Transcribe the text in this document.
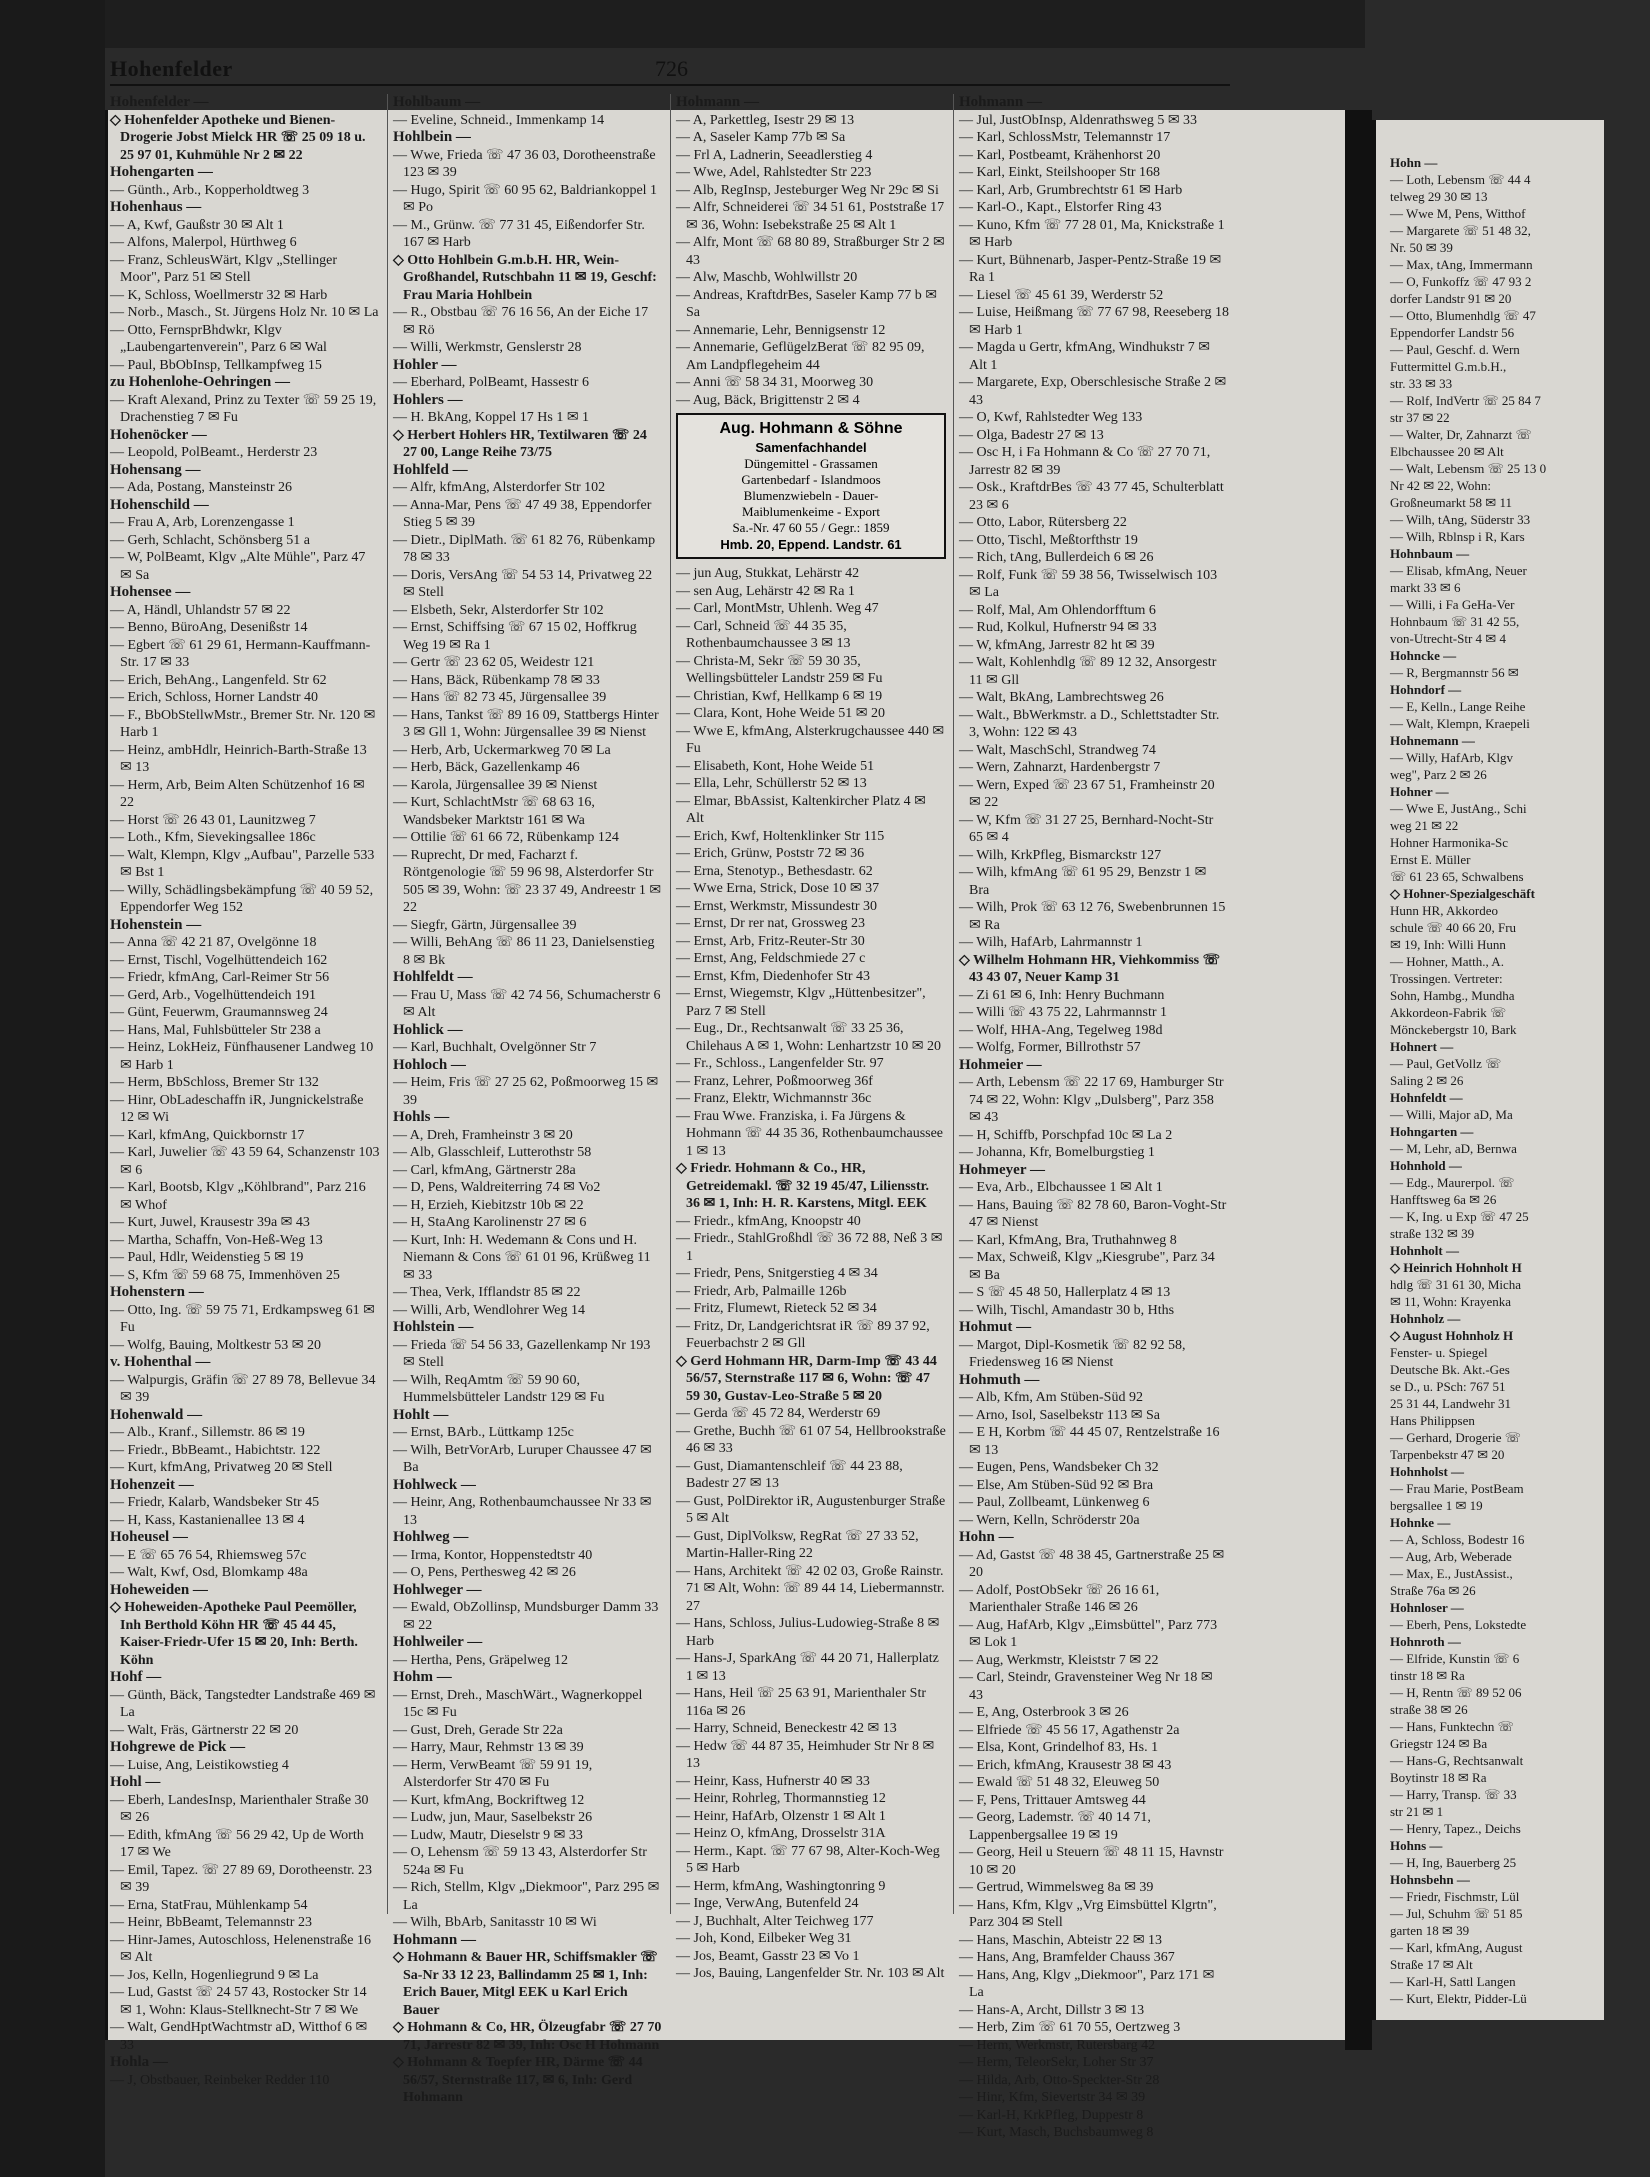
Hohenfelder	726
Hohenfelder —
◇ Hohenfelder Apotheke und Bienen-Drogerie Jobst Mielck HR ☏ 25 09 18 u. 25 97 01, Kuhmühle Nr 2 ✉ 22
Hohengarten —
— Günth., Arb., Kopperholdtweg 3
Hohenhaus —
— A, Kwf, Gaußstr 30 ✉ Alt 1
— Alfons, Malerpol, Hürthweg 6
— Franz, SchleusWärt, Klgv „Stellinger Moor", Parz 51 ✉ Stell
— K, Schloss, Woellmerstr 32 ✉ Harb
— Norb., Masch., St. Jürgens Holz Nr. 10 ✉ La
— Otto, FernsprBhdwkr, Klgv „Laubengartenverein", Parz 6 ✉ Wal
— Paul, BbObInsp, Tellkampfweg 15
zu Hohenlohe-Oehringen —
— Kraft Alexand, Prinz zu Texter ☏ 59 25 19, Drachenstieg 7 ✉ Fu
Hohenöcker —
— Leopold, PolBeamt., Herderstr 23
Hohensang —
— Ada, Postang, Mansteinstr 26
Hohenschild —
— Frau A, Arb, Lorenzengasse 1
— Gerh, Schlacht, Schönsberg 51 a
— W, PolBeamt, Klgv „Alte Mühle", Parz 47 ✉ Sa
Hohensee —
— A, Händl, Uhlandstr 57 ✉ 22
— Benno, BüroAng, Desenißstr 14
— Egbert ☏ 61 29 61, Hermann-Kauffmann-Str. 17 ✉ 33
— Erich, BehAng., Langenfeld. Str 62
— Erich, Schloss, Horner Landstr 40
— F., BbObStellwMstr., Bremer Str. Nr. 120 ✉ Harb 1
— Heinz, ambHdlr, Heinrich-Barth-Straße 13 ✉ 13
— Herm, Arb, Beim Alten Schützenhof 16 ✉ 22
— Horst ☏ 26 43 01, Launitzweg 7
— Loth., Kfm, Sievekingsallee 186c
— Walt, Klempn, Klgv „Aufbau", Parzelle 533 ✉ Bst 1
— Willy, Schädlingsbekämpfung ☏ 40 59 52, Eppendorfer Weg 152
Hohenstein —
— Anna ☏ 42 21 87, Ovelgönne 18
— Ernst, Tischl, Vogelhüttendeich 162
— Friedr, kfmAng, Carl-Reimer Str 56
— Gerd, Arb., Vogelhüttendeich 191
— Günt, Feuerwm, Graumannsweg 24
— Hans, Mal, Fuhlsbütteler Str 238 a
— Heinz, LokHeiz, Fünfhausener Landweg 10 ✉ Harb 1
— Herm, BbSchloss, Bremer Str 132
— Hinr, ObLadeschaffn iR, Jungnickelstraße 12 ✉ Wi
— Karl, kfmAng, Quickbornstr 17
— Karl, Juwelier ☏ 43 59 64, Schanzenstr 103 ✉ 6
— Karl, Bootsb, Klgv „Köhlbrand", Parz 216 ✉ Whof
— Kurt, Juwel, Krausestr 39a ✉ 43
— Martha, Schaffn, Von-Heß-Weg 13
— Paul, Hdlr, Weidenstieg 5 ✉ 19
— S, Kfm ☏ 59 68 75, Immenhöven 25
Hohenstern —
— Otto, Ing. ☏ 59 75 71, Erdkampsweg 61 ✉ Fu
— Wolfg, Bauing, Moltkestr 53 ✉ 20
v. Hohenthal —
— Walpurgis, Gräfin ☏ 27 89 78, Bellevue 34 ✉ 39
Hohenwald —
— Alb., Kranf., Sillemstr. 86 ✉ 19
— Friedr., BbBeamt., Habichtstr. 122
— Kurt, kfmAng, Privatweg 20 ✉ Stell
Hohenzeit —
— Friedr, Kalarb, Wandsbeker Str 45
— H, Kass, Kastanienallee 13 ✉ 4
Hoheusel —
— E ☏ 65 76 54, Rhiemsweg 57c
— Walt, Kwf, Osd, Blomkamp 48a
Hoheweiden —
◇ Hoheweiden-Apotheke Paul Peemöller, Inh Berthold Köhn HR ☏ 45 44 45, Kaiser-Friedr-Ufer 15 ✉ 20, Inh: Berth. Köhn
Hohf —
— Günth, Bäck, Tangstedter Landstraße 469 ✉ La
— Walt, Fräs, Gärtnerstr 22 ✉ 20
Hohgrewe de Pick —
— Luise, Ang, Leistikowstieg 4
Hohl —
— Eberh, LandesInsp, Marienthaler Straße 30 ✉ 26
— Edith, kfmAng ☏ 56 29 42, Up de Worth 17 ✉ We
— Emil, Tapez. ☏ 27 89 69, Dorotheenstr. 23 ✉ 39
— Erna, StatFrau, Mühlenkamp 54
— Heinr, BbBeamt, Telemannstr 23
— Hinr-James, Autoschloss, Helenenstraße 16 ✉ Alt
— Jos, Kelln, Hogenliegrund 9 ✉ La
— Lud, Gastst ☏ 24 57 43, Rostocker Str 14 ✉ 1, Wohn: Klaus-Stellknecht-Str 7 ✉ We
— Walt, GendHptWachtmstr aD, Witthof 6 ✉ 33
Hohla —
— J, Obstbauer, Reinbeker Redder 110
Hohlbaum —
— Eveline, Schneid., Immenkamp 14
Hohlbein —
— Wwe, Frieda ☏ 47 36 03, Dorotheenstraße 123 ✉ 39
— Hugo, Spirit ☏ 60 95 62, Baldriankoppel 1 ✉ Po
— M., Grünw. ☏ 77 31 45, Eißendorfer Str. 167 ✉ Harb
◇ Otto Hohlbein G.m.b.H. HR, Wein-Großhandel, Rutschbahn 11 ✉ 19, Geschf: Frau Maria Hohlbein
— R., Obstbau ☏ 76 16 56, An der Eiche 17 ✉ Rö
— Willi, Werkmstr, Genslerstr 28
Hohler —
— Eberhard, PolBeamt, Hassestr 6
Hohlers —
— H. BkAng, Koppel 17 Hs 1 ✉ 1
◇ Herbert Hohlers HR, Textilwaren ☏ 24 27 00, Lange Reihe 73/75
Hohlfeld —
— Alfr, kfmAng, Alsterdorfer Str 102
— Anna-Mar, Pens ☏ 47 49 38, Eppendorfer Stieg 5 ✉ 39
— Dietr., DiplMath. ☏ 61 82 76, Rübenkamp 78 ✉ 33
— Doris, VersAng ☏ 54 53 14, Privatweg 22 ✉ Stell
— Elsbeth, Sekr, Alsterdorfer Str 102
— Ernst, Schiffsing ☏ 67 15 02, Hoffkrug Weg 19 ✉ Ra 1
— Gertr ☏ 23 62 05, Weidestr 121
— Hans, Bäck, Rübenkamp 78 ✉ 33
— Hans ☏ 82 73 45, Jürgensallee 39
— Hans, Tankst ☏ 89 16 09, Stattbergs Hinter 3 ✉ Gll 1, Wohn: Jürgensallee 39 ✉ Nienst
— Herb, Arb, Uckermarkweg 70 ✉ La
— Herb, Bäck, Gazellenkamp 46
— Karola, Jürgensallee 39 ✉ Nienst
— Kurt, SchlachtMstr ☏ 68 63 16, Wandsbeker Marktstr 161 ✉ Wa
— Ottilie ☏ 61 66 72, Rübenkamp 124
— Ruprecht, Dr med, Facharzt f. Röntgenologie ☏ 59 96 98, Alsterdorfer Str 505 ✉ 39, Wohn: ☏ 23 37 49, Andreestr 1 ✉ 22
— Siegfr, Gärtn, Jürgensallee 39
— Willi, BehAng ☏ 86 11 23, Danielsenstieg 8 ✉ Bk
Hohlfeldt —
— Frau U, Mass ☏ 42 74 56, Schumacherstr 6 ✉ Alt
Hohlick —
— Karl, Buchhalt, Ovelgönner Str 7
Hohloch —
— Heim, Fris ☏ 27 25 62, Poßmoorweg 15 ✉ 39
Hohls —
— A, Dreh, Framheinstr 3 ✉ 20
— Alb, Glasschleif, Lutterothstr 58
— Carl, kfmAng, Gärtnerstr 28a
— D, Pens, Waldreiterring 74 ✉ Vo2
— H, Erzieh, Kiebitzstr 10b ✉ 22
— H, StaAng Karolinenstr 27 ✉ 6
— Kurt, Inh: H. Wedemann & Cons und H. Niemann & Cons ☏ 61 01 96, Krüßweg 11 ✉ 33
— Thea, Verk, Ifflandstr 85 ✉ 22
— Willi, Arb, Wendlohrer Weg 14
Hohlstein —
— Frieda ☏ 54 56 33, Gazellenkamp Nr 193 ✉ Stell
— Wilh, ReqAmtm ☏ 59 90 60, Hummelsbütteler Landstr 129 ✉ Fu
Hohlt —
— Ernst, BArb., Lüttkamp 125c
— Wilh, BetrVorArb, Luruper Chaussee 47 ✉ Ba
Hohlweck —
— Heinr, Ang, Rothenbaumchaussee Nr 33 ✉ 13
Hohlweg —
— Irma, Kontor, Hoppenstedtstr 40
— O, Pens, Perthesweg 42 ✉ 26
Hohlweger —
— Ewald, ObZollinsp, Mundsburger Damm 33 ✉ 22
Hohlweiler —
— Hertha, Pens, Gräpelweg 12
Hohm —
— Ernst, Dreh., MaschWärt., Wagnerkoppel 15c ✉ Fu
— Gust, Dreh, Gerade Str 22a
— Harry, Maur, Rehmstr 13 ✉ 39
— Herm, VerwBeamt ☏ 59 91 19, Alsterdorfer Str 470 ✉ Fu
— Kurt, kfmAng, Bockriftweg 12
— Ludw, jun, Maur, Saselbekstr 26
— Ludw, Mautr, Dieselstr 9 ✉ 33
— O, Lehensm ☏ 59 13 43, Alsterdorfer Str 524a ✉ Fu
— Rich, Stellm, Klgv „Diekmoor", Parz 295 ✉ La
— Wilh, BbArb, Sanitasstr 10 ✉ Wi
Hohmann —
◇ Hohmann & Bauer HR, Schiffsmakler ☏ Sa-Nr 33 12 23, Ballindamm 25 ✉ 1, Inh: Erich Bauer, Mitgl EEK u Karl Erich Bauer
◇ Hohmann & Co, HR, Ölzeugfabr ☏ 27 70 71, Jarrestr 82 ✉ 39, Inh: Osc H Hohmann
◇ Hohmann & Toepfer HR, Därme ☏ 44 56/57, Sternstraße 117, ✉ 6, Inh: Gerd Hohmann
Hohmann —
— A, Parkettleg, Isestr 29 ✉ 13
— A, Saseler Kamp 77b ✉ Sa
— Frl A, Ladnerin, Seeadlerstieg 4
— Wwe, Adel, Rahlstedter Str 223
— Alb, RegInsp, Jesteburger Weg Nr 29c ✉ Si
— Alfr, Schneiderei ☏ 34 51 61, Poststraße 17 ✉ 36, Wohn: Isebekstraße 25 ✉ Alt 1
— Alfr, Mont ☏ 68 80 89, Straßburger Str 2 ✉ 43
— Alw, Maschb, Wohlwillstr 20
— Andreas, KraftdrBes, Saseler Kamp 77 b ✉ Sa
— Annemarie, Lehr, Bennigsenstr 12
— Annemarie, GeflügelzBerat ☏ 82 95 09, Am Landpflegeheim 44
— Anni ☏ 58 34 31, Moorweg 30
— Aug, Bäck, Brigittenstr 2 ✉ 4
Aug. Hohmann & Söhne
Samenfachhandel
Düngemittel - Grassamen
Gartenbedarf - Islandmoos
Blumenzwiebeln - Dauer-
Maiblumenkeime - Export
Sa.-Nr. 47 60 55 / Gegr.: 1859
Hmb. 20, Eppend. Landstr. 61
— jun Aug, Stukkat, Lehärstr 42
— sen Aug, Lehärstr 42 ✉ Ra 1
— Carl, MontMstr, Uhlenh. Weg 47
— Carl, Schneid ☏ 44 35 35, Rothenbaumchaussee 3 ✉ 13
— Christa-M, Sekr ☏ 59 30 35, Wellingsbütteler Landstr 259 ✉ Fu
— Christian, Kwf, Hellkamp 6 ✉ 19
— Clara, Kont, Hohe Weide 51 ✉ 20
— Wwe E, kfmAng, Alsterkrugchaussee 440 ✉ Fu
— Elisabeth, Kont, Hohe Weide 51
— Ella, Lehr, Schüllerstr 52 ✉ 13
— Elmar, BbAssist, Kaltenkircher Platz 4 ✉ Alt
— Erich, Kwf, Holtenklinker Str 115
— Erich, Grünw, Poststr 72 ✉ 36
— Erna, Stenotyp., Bethesdastr. 62
— Wwe Erna, Strick, Dose 10 ✉ 37
— Ernst, Werkmstr, Missundestr 30
— Ernst, Dr rer nat, Grossweg 23
— Ernst, Arb, Fritz-Reuter-Str 30
— Ernst, Ang, Feldschmiede 27 c
— Ernst, Kfm, Diedenhofer Str 43
— Ernst, Wiegemstr, Klgv „Hüttenbesitzer", Parz 7 ✉ Stell
— Eug., Dr., Rechtsanwalt ☏ 33 25 36, Chilehaus A ✉ 1, Wohn: Lenhartzstr 10 ✉ 20
— Fr., Schloss., Langenfelder Str. 97
— Franz, Lehrer, Poßmoorweg 36f
— Franz, Elektr, Wichmannstr 36c
— Frau Wwe. Franziska, i. Fa Jürgens & Hohmann ☏ 44 35 36, Rothenbaumchaussee 1 ✉ 13
◇ Friedr. Hohmann & Co., HR, Getreidemakl. ☏ 32 19 45/47, Liliensstr. 36 ✉ 1, Inh: H. R. Karstens, Mitgl. EEK
— Friedr., kfmAng, Knoopstr 40
— Friedr., StahlGroßhdl ☏ 36 72 88, Neß 3 ✉ 1
— Friedr, Pens, Snitgerstieg 4 ✉ 34
— Friedr, Arb, Palmaille 126b
— Fritz, Flumewt, Rieteck 52 ✉ 34
— Fritz, Dr, Landgerichtsrat iR ☏ 89 37 92, Feuerbachstr 2 ✉ Gll
◇ Gerd Hohmann HR, Darm-Imp ☏ 43 44 56/57, Sternstraße 117 ✉ 6, Wohn: ☏ 47 59 30, Gustav-Leo-Straße 5 ✉ 20
— Gerda ☏ 45 72 84, Werderstr 69
— Grethe, Buchh ☏ 61 07 54, Hellbrookstraße 46 ✉ 33
— Gust, Diamantenschleif ☏ 44 23 88, Badestr 27 ✉ 13
— Gust, PolDirektor iR, Augustenburger Straße 5 ✉ Alt
— Gust, DiplVolksw, RegRat ☏ 27 33 52, Martin-Haller-Ring 22
— Hans, Architekt ☏ 42 02 03, Große Rainstr. 71 ✉ Alt, Wohn: ☏ 89 44 14, Liebermannstr. 27
— Hans, Schloss, Julius-Ludowieg-Straße 8 ✉ Harb
— Hans-J, SparkAng ☏ 44 20 71, Hallerplatz 1 ✉ 13
— Hans, Heil ☏ 25 63 91, Marienthaler Str 116a ✉ 26
— Harry, Schneid, Beneckestr 42 ✉ 13
— Hedw ☏ 44 87 35, Heimhuder Str Nr 8 ✉ 13
— Heinr, Kass, Hufnerstr 40 ✉ 33
— Heinr, Rohrleg, Thormannstieg 12
— Heinr, HafArb, Olzenstr 1 ✉ Alt 1
— Heinz O, kfmAng, Drosselstr 31A
— Herm., Kapt. ☏ 77 67 98, Alter-Koch-Weg 5 ✉ Harb
— Herm, kfmAng, Washingtonring 9
— Inge, VerwAng, Butenfeld 24
— J, Buchhalt, Alter Teichweg 177
— Joh, Kond, Eilbeker Weg 31
— Jos, Beamt, Gasstr 23 ✉ Vo 1
— Jos, Bauing, Langenfelder Str. Nr. 103 ✉ Alt
Hohmann —
— Jul, JustObInsp, Aldenrathsweg 5 ✉ 33
— Karl, SchlossMstr, Telemannstr 17
— Karl, Postbeamt, Krähenhorst 20
— Karl, Einkt, Steilshooper Str 168
— Karl, Arb, Grumbrechtstr 61 ✉ Harb
— Karl-O., Kapt., Elstorfer Ring 43
— Kuno, Kfm ☏ 77 28 01, Ma, Knickstraße 1 ✉ Harb
— Kurt, Bühnenarb, Jasper-Pentz-Straße 19 ✉ Ra 1
— Liesel ☏ 45 61 39, Werderstr 52
— Luise, Heißmang ☏ 77 67 98, Reeseberg 18 ✉ Harb 1
— Magda u Gertr, kfmAng, Windhukstr 7 ✉ Alt 1
— Margarete, Exp, Oberschlesische Straße 2 ✉ 43
— O, Kwf, Rahlstedter Weg 133
— Olga, Badestr 27 ✉ 13
— Osc H, i Fa Hohmann & Co ☏ 27 70 71, Jarrestr 82 ✉ 39
— Osk., KraftdrBes ☏ 43 77 45, Schulterblatt 23 ✉ 6
— Otto, Labor, Rütersberg 22
— Otto, Tischl, Meßtorfthstr 19
— Rich, tAng, Bullerdeich 6 ✉ 26
— Rolf, Funk ☏ 59 38 56, Twisselwisch 103 ✉ La
— Rolf, Mal, Am Ohlendorfftum 6
— Rud, Kolkul, Hufnerstr 94 ✉ 33
— W, kfmAng, Jarrestr 82 ht ✉ 39
— Walt, Kohlenhdlg ☏ 89 12 32, Ansorgestr 11 ✉ Gll
— Walt, BkAng, Lambrechtsweg 26
— Walt., BbWerkmstr. a D., Schlettstadter Str. 3, Wohn: 122 ✉ 43
— Walt, MaschSchl, Strandweg 74
— Wern, Zahnarzt, Hardenbergstr 7
— Wern, Exped ☏ 23 67 51, Framheinstr 20 ✉ 22
— W, Kfm ☏ 31 27 25, Bernhard-Nocht-Str 65 ✉ 4
— Wilh, KrkPfleg, Bismarckstr 127
— Wilh, kfmAng ☏ 61 95 29, Benzstr 1 ✉ Bra
— Wilh, Prok ☏ 63 12 76, Swebenbrunnen 15 ✉ Ra
— Wilh, HafArb, Lahrmannstr 1
◇ Wilhelm Hohmann HR, Viehkommiss ☏ 43 43 07, Neuer Kamp 31
— Zi 61 ✉ 6, Inh: Henry Buchmann
— Willi ☏ 43 75 22, Lahrmannstr 1
— Wolf, HHA-Ang, Tegelweg 198d
— Wolfg, Former, Billrothstr 57
Hohmeier —
— Arth, Lebensm ☏ 22 17 69, Hamburger Str 74 ✉ 22, Wohn: Klgv „Dulsberg", Parz 358 ✉ 43
— H, Schiffb, Porschpfad 10c ✉ La 2
— Johanna, Kfr, Bomelburgstieg 1
Hohmeyer —
— Eva, Arb., Elbchaussee 1 ✉ Alt 1
— Hans, Bauing ☏ 82 78 60, Baron-Voght-Str 47 ✉ Nienst
— Karl, KfmAng, Bra, Truthahnweg 8
— Max, Schweiß, Klgv „Kiesgrube", Parz 34 ✉ Ba
— S ☏ 45 48 50, Hallerplatz 4 ✉ 13
— Wilh, Tischl, Amandastr 30 b, Hths
Hohmut —
— Margot, Dipl-Kosmetik ☏ 82 92 58, Friedensweg 16 ✉ Nienst
Hohmuth —
— Alb, Kfm, Am Stüben-Süd 92
— Arno, Isol, Saselbekstr 113 ✉ Sa
— E H, Korbm ☏ 44 45 07, Rentzelstraße 16 ✉ 13
— Eugen, Pens, Wandsbeker Ch 32
— Else, Am Stüben-Süd 92 ✉ Bra
— Paul, Zollbeamt, Lünkenweg 6
— Wern, Kelln, Schröderstr 20a
Hohn —
— Ad, Gastst ☏ 48 38 45, Gartnerstraße 25 ✉ 20
— Adolf, PostObSekr ☏ 26 16 61, Marienthaler Straße 146 ✉ 26
— Aug, HafArb, Klgv „Eimsbüttel", Parz 773 ✉ Lok 1
— Aug, Werkmstr, Kleiststr 7 ✉ 22
— Carl, Steindr, Gravensteiner Weg Nr 18 ✉ 43
— E, Ang, Osterbrook 3 ✉ 26
— Elfriede ☏ 45 56 17, Agathenstr 2a
— Elsa, Kont, Grindelhof 83, Hs. 1
— Erich, kfmAng, Krausestr 38 ✉ 43
— Ewald ☏ 51 48 32, Eleuweg 50
— F, Pens, Trittauer Amtsweg 44
— Georg, Lademstr. ☏ 40 14 71, Lappenbergsallee 19 ✉ 19
— Georg, Heil u Steuern ☏ 48 11 15, Havnstr 10 ✉ 20
— Gertrud, Wimmelsweg 8a ✉ 39
— Hans, Kfm, Klgv „Vrg Eimsbüttel Klgrtn", Parz 304 ✉ Stell
— Hans, Maschin, Abteistr 22 ✉ 13
— Hans, Ang, Bramfelder Chauss 367
— Hans, Ang, Klgv „Diekmoor", Parz 171 ✉ La
— Hans-A, Archt, Dillstr 3 ✉ 13
— Herb, Zim ☏ 61 70 55, Oertzweg 3
— Herm, Werkmstr, Rutersbarg 42
— Herm, TeleorSekr, Loher Str 37
— Hilda, Arb, Otto-Speckter-Str 28
— Hinr, Kfm, Sievertstr 34 ✉ 39
— Karl-H, KrkPfleg, Duppestr 8
— Kurt, Masch, Buchsbaumweg 8
Hohn —
— Loth, Lebensm ☏ 44 4
telweg 29 30 ✉ 13
— Wwe M, Pens, Witthof
— Margarete ☏ 51 48 32,
Nr. 50 ✉ 39
— Max, tAng, Immermann
— O, Funkoffz ☏ 47 93 2
dorfer Landstr 91 ✉ 20
— Otto, Blumenhdlg ☏ 47
Eppendorfer Landstr 56
— Paul, Geschf. d. Wern
Futtermittel G.m.b.H.,
str. 33 ✉ 33
— Rolf, IndVertr ☏ 25 84 7
str 37 ✉ 22
— Walter, Dr, Zahnarzt ☏
Elbchaussee 20 ✉ Alt
— Walt, Lebensm ☏ 25 13 0
Nr 42 ✉ 22, Wohn:
Großneumarkt 58 ✉ 11
— Wilh, tAng, Süderstr 33
— Wilh, Rblnsp i R, Kars
Hohnbaum —
— Elisab, kfmAng, Neuer
markt 33 ✉ 6
— Willi, i Fa GeHa-Ver
Hohnbaum ☏ 31 42 55,
von-Utrecht-Str 4 ✉ 4
Hohncke —
— R, Bergmannstr 56 ✉
Hohndorf —
— E, Kelln., Lange Reihe
— Walt, Klempn, Kraepeli
Hohnemann —
— Willy, HafArb, Klgv
weg", Parz 2 ✉ 26
Hohner —
— Wwe E, JustAng., Schi
weg 21 ✉ 22
Hohner Harmonika-Sc
Ernst E. Müller
☏ 61 23 65, Schwalbens
◇ Hohner-Spezialgeschäft
Hunn HR, Akkordeo
schule ☏ 40 66 20, Fru
✉ 19, Inh: Willi Hunn
— Hohner, Matth., A.
Trossingen. Vertreter:
Sohn, Hambg., Mundha
Akkordeon-Fabrik ☏
Mönckebergstr 10, Bark
Hohnert —
— Paul, GetVollz ☏
Saling 2 ✉ 26
Hohnfeldt —
— Willi, Major aD, Ma
Hohngarten —
— M, Lehr, aD, Bernwa
Hohnhold —
— Edg., Maurerpol. ☏
Hanfftsweg 6a ✉ 26
— K, Ing. u Exp ☏ 47 25
straße 132 ✉ 39
Hohnholt —
◇ Heinrich Hohnholt H
hdlg ☏ 31 61 30, Micha
✉ 11, Wohn: Krayenka
Hohnholz —
◇ August Hohnholz H
Fenster- u. Spiegel
Deutsche Bk. Akt.-Ges
se D., u. PSch: 767 51
25 31 44, Landwehr 31
Hans Philippsen
— Gerhard, Drogerie ☏
Tarpenbekstr 47 ✉ 20
Hohnholst —
— Frau Marie, PostBeam
bergsallee 1 ✉ 19
Hohnke —
— A, Schloss, Bodestr 16
— Aug, Arb, Weberade
— Max, E., JustAssist.,
Straße 76a ✉ 26
Hohnloser —
— Eberh, Pens, Lokstedte
Hohnroth —
— Elfride, Kunstin ☏ 6
tinstr 18 ✉ Ra
— H, Rentn ☏ 89 52 06
straße 38 ✉ 26
— Hans, Funktechn ☏
Griegstr 124 ✉ Ba
— Hans-G, Rechtsanwalt
Boytinstr 18 ✉ Ra
— Harry, Transp. ☏ 33
str 21 ✉ 1
— Henry, Tapez., Deichs
Hohns —
— H, Ing, Bauerberg 25
Hohnsbehn —
— Friedr, Fischmstr, Lül
— Jul, Schuhm ☏ 51 85
garten 18 ✉ 39
— Karl, kfmAng, August
Straße 17 ✉ Alt
— Karl-H, Sattl Langen
— Kurt, Elektr, Pidder-Lü
